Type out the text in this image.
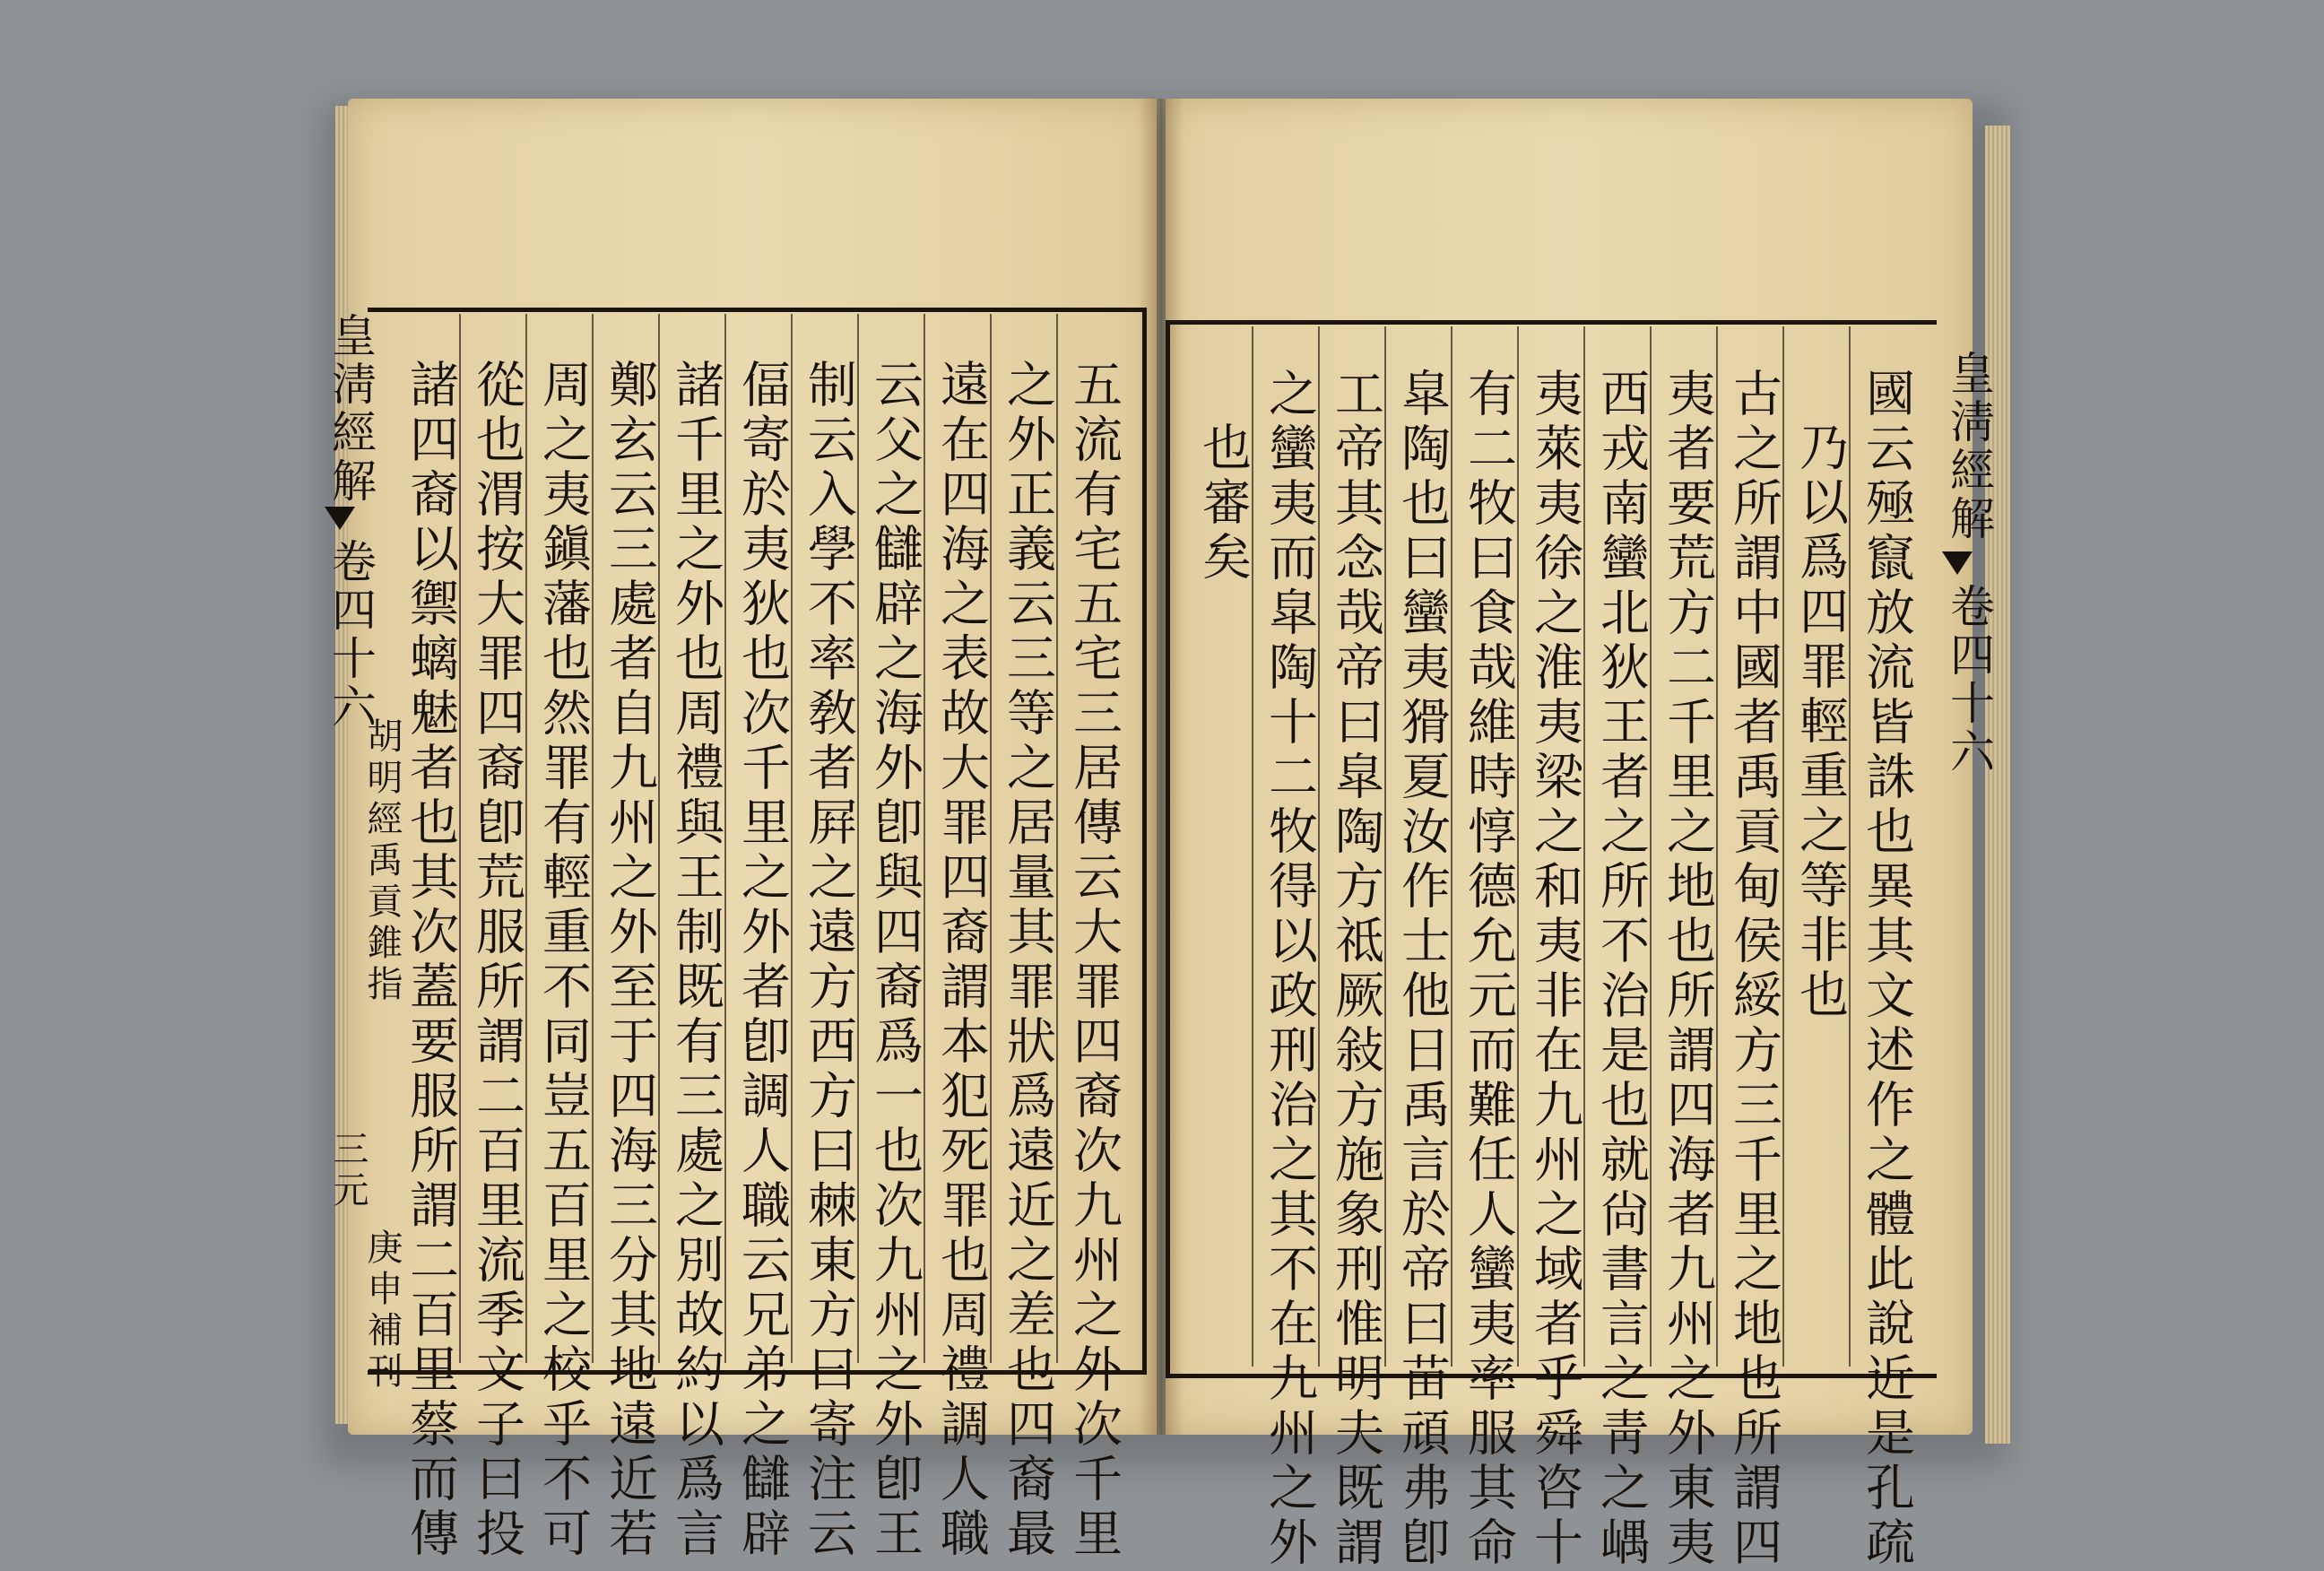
皇淸經解
卷四十六
胡明經禹貢錐指
三元
庚申補刊	五流有宅五宅三居傳云大罪四裔次九州之外次千里
之外正義云三等之居量其罪狀爲遠近之差也四裔最
遠在四海之表故大罪四裔謂本犯死罪也周禮調人職
云父之讎辟之海外卽與四裔爲一也次九州之外卽王
制云入學不率敎者屛之遠方西方曰棘東方曰寄注云
偪寄於夷狄也次千里之外者卽調人職云兄弟之讎辟
諸千里之外也周禮與王制既有三處之別故約以爲言
鄭玄云三處者自九州之外至于四海三分其地遠近若
周之夷鎭藩也然罪有輕重不同豈五百里之校乎不可
從也渭按大罪四裔卽荒服所謂二百里流季文子曰投
諸四裔以禦螭魅者也其次蓋要服所謂二百里蔡而傳	國云殛竄放流皆誅也異其文述作之體此說近是孔疏
乃以爲四罪輕重之等非也
古之所謂中國者禹貢甸侯綏方三千里之地也所謂四
夷者要荒方二千里之地也所謂四海者九州之外東夷
西戎南蠻北狄王者之所不治是也就尙書言之靑之嵎
夷萊夷徐之淮夷梁之和夷非在九州之域者乎舜咨十
有二牧曰食哉維時惇德允元而難任人蠻夷率服其命
皐陶也曰蠻夷猾夏汝作士他日禹言於帝曰苗頑弗卽
工帝其念哉帝曰皐陶方祗厥敍方施象刑惟明夫既謂
之蠻夷而皐陶十二牧得以政刑治之其不在九州之外
也審矣	皇淸經解
卷四十六
